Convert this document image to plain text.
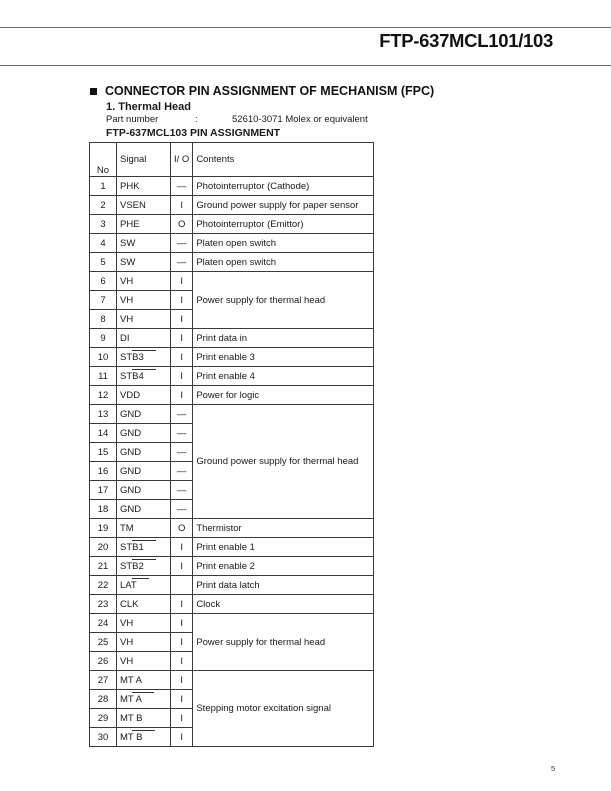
FTP-637MCL101/103
CONNECTOR PIN ASSIGNMENT OF MECHANISM (FPC)
1. Thermal Head
Part number	:	52610-3071 Molex or equivalent
FTP-637MCL103 PIN ASSIGNMENT
No	Signal	I/ O	Contents
1	PHK	—	Photointerruptor (Cathode)
2	VSEN	I	Ground power supply for paper sensor
3	PHE	O	Photointerruptor (Emittor)
4	SW	—	Platen open switch
5	SW	—	Platen open switch
6	VH	I	Power supply for thermal head
7	VH	I	
8	VH	I	
9	DI	I	Print data in
10	STB3	I	Print enable 3
11	STB4	I	Print enable 4
12	VDD	I	Power for logic
13	GND	—	Ground power supply for thermal head
14	GND	—	
15	GND	—	
16	GND	—	
17	GND	—	
18	GND	—	
19	TM	O	Thermistor
20	STB1	I	Print enable 1
21	STB2	I	Print enable 2
22	LAT		Print data latch
23	CLK	I	Clock
24	VH	I	Power supply for thermal head
25	VH	I	
26	VH	I	
27	MT A	I	Stepping motor excitation signal
28	MT A	I	
29	MT B	I	
30	MT B	I	
5
